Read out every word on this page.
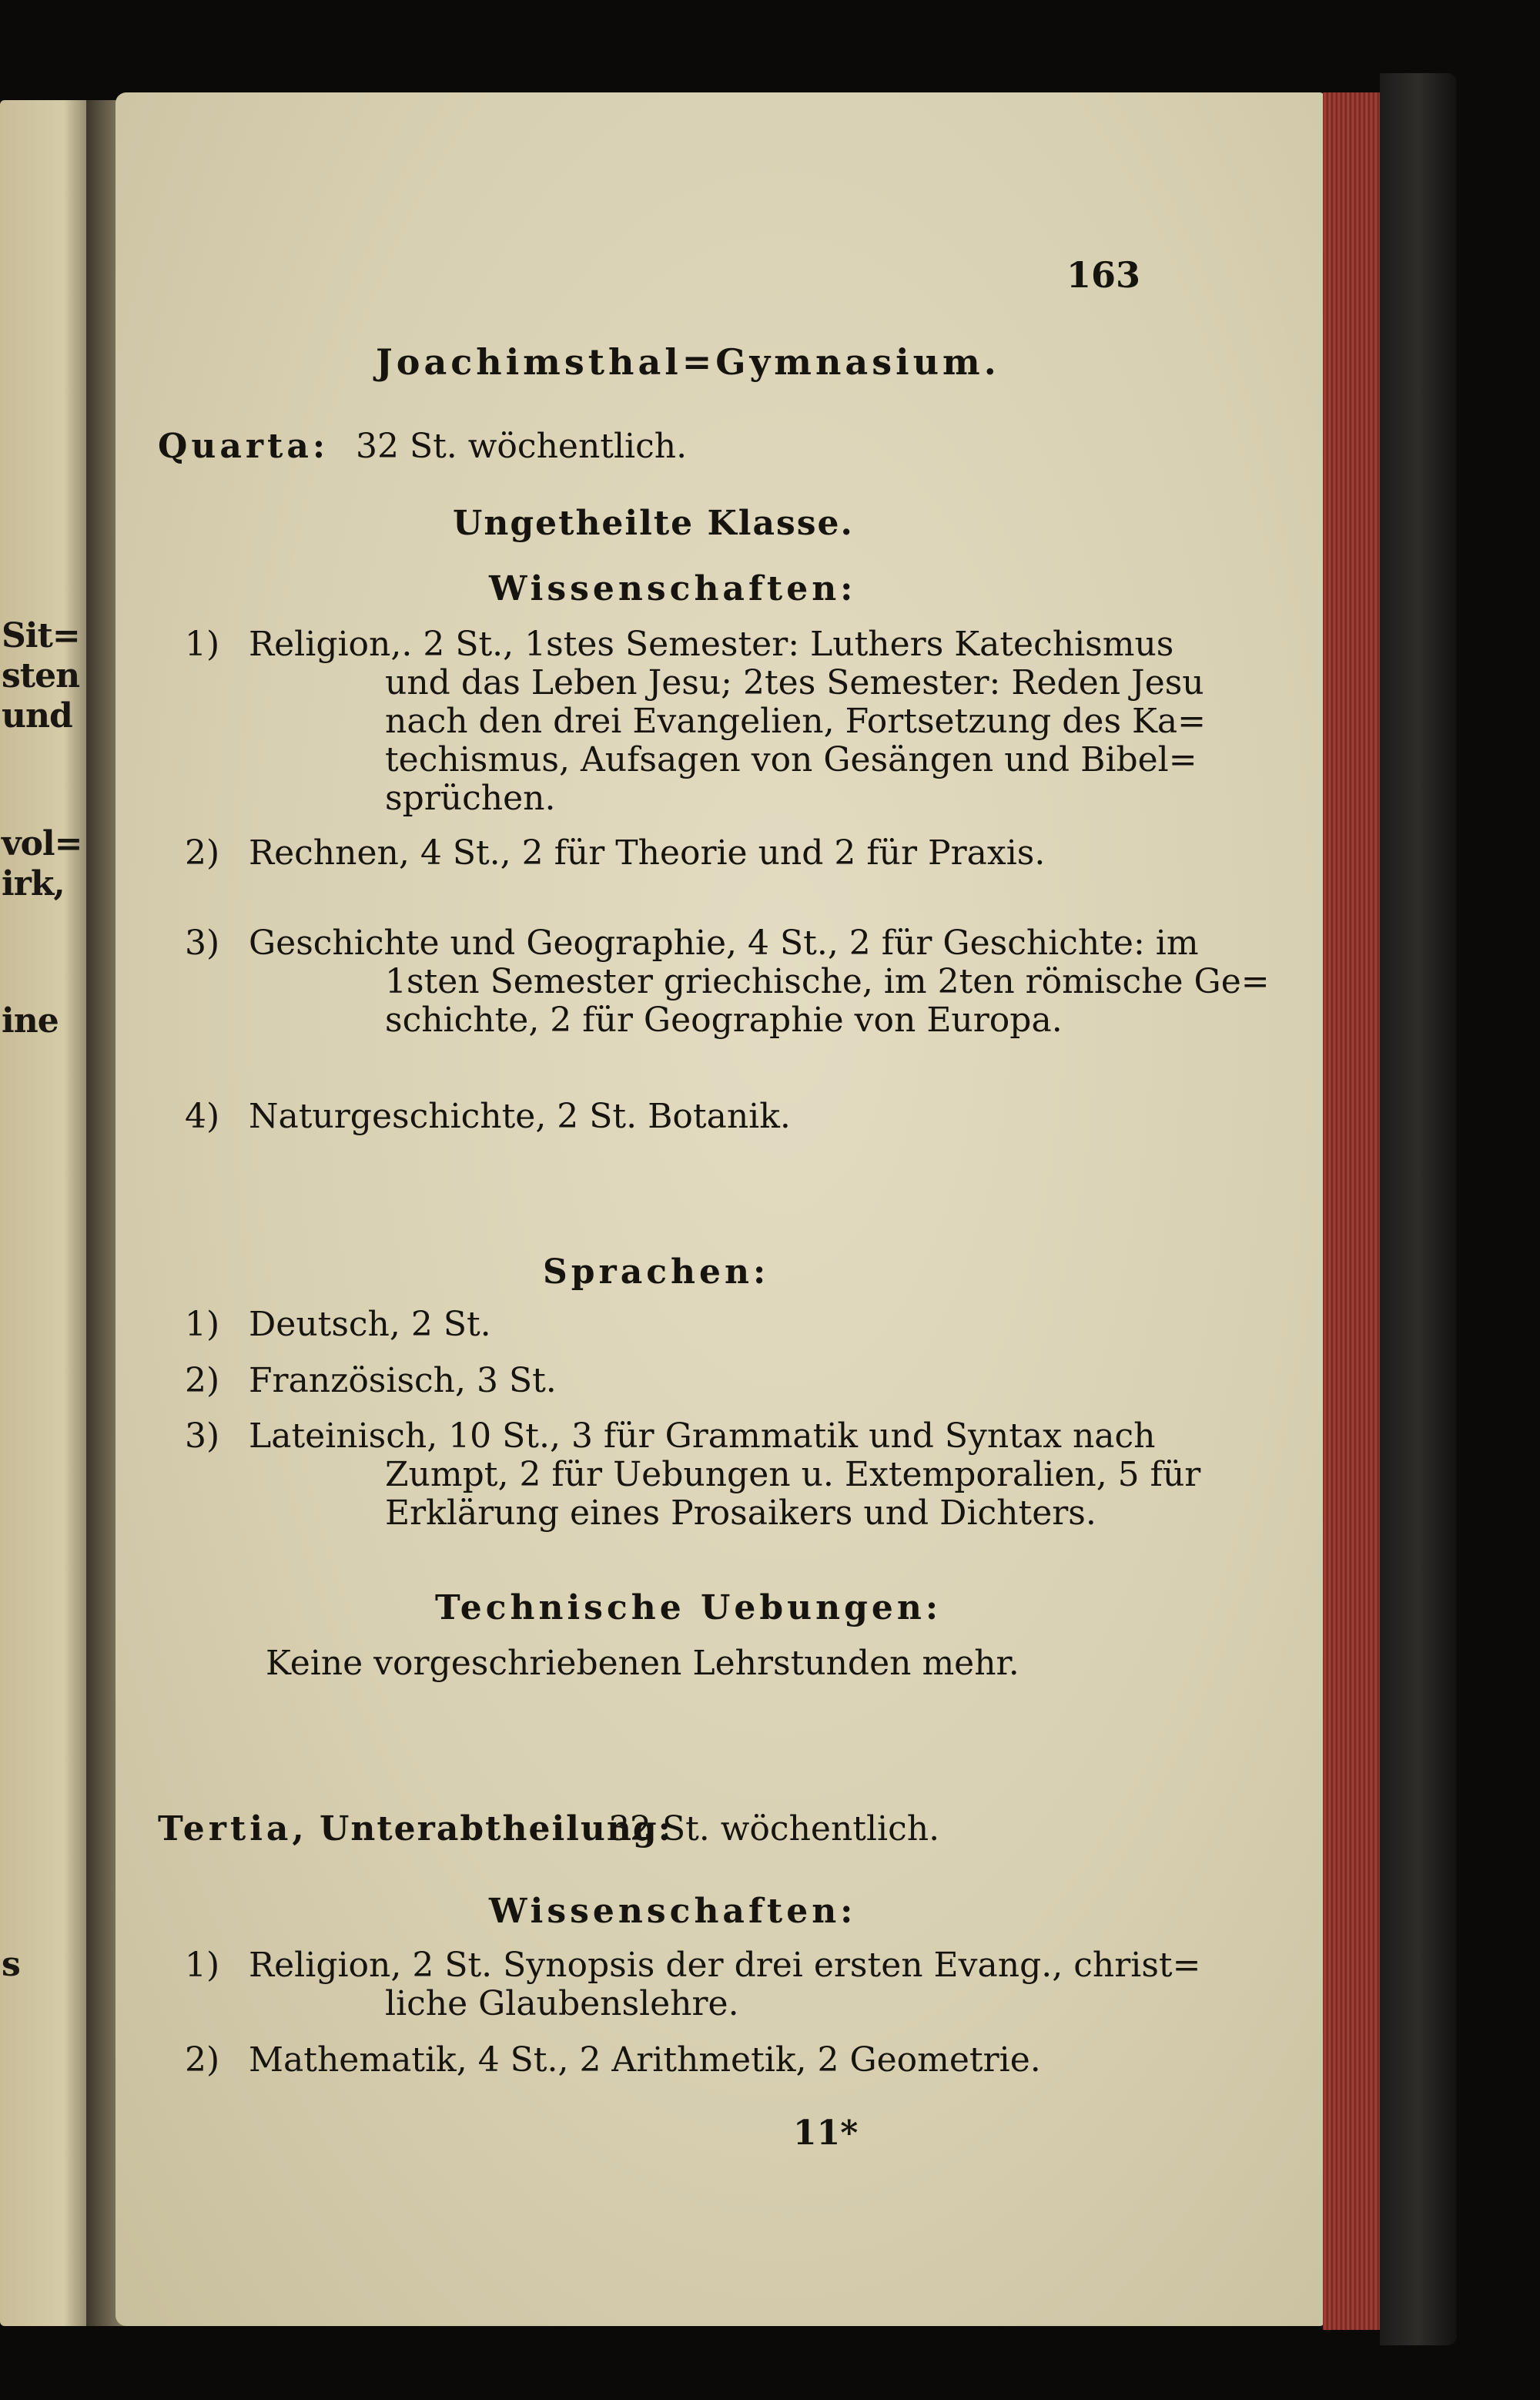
Sit=
sten
und
vol=
irk,
ine
s
163
Joachimsthal=Gymnasium.
Quarta: 32 St. wöchentlich.
Ungetheilte Klasse.
Wissenschaften:
1) Religion,. 2 St., 1stes Semester: Luthers Katechismus
und das Leben Jesu; 2tes Semester: Reden Jesu
nach den drei Evangelien, Fortsetzung des Ka=
techismus, Aufsagen von Gesängen und Bibel=
sprüchen.
2) Rechnen, 4 St., 2 für Theorie und 2 für Praxis.
3) Geschichte und Geographie, 4 St., 2 für Geschichte: im
1sten Semester griechische, im 2ten römische Ge=
schichte, 2 für Geographie von Europa.
4) Naturgeschichte, 2 St. Botanik.
Sprachen:
1) Deutsch, 2 St.
2) Französisch, 3 St.
3) Lateinisch, 10 St., 3 für Grammatik und Syntax nach
Zumpt, 2 für Uebungen u. Extemporalien, 5 für
Erklärung eines Prosaikers und Dichters.
Technische Uebungen:
Keine vorgeschriebenen Lehrstunden mehr.
Tertia, Unterabtheilung:
32 St. wöchentlich.
Wissenschaften:
1) Religion, 2 St. Synopsis der drei ersten Evang., christ=
liche Glaubenslehre.
2) Mathematik, 4 St., 2 Arithmetik, 2 Geometrie.
11*
